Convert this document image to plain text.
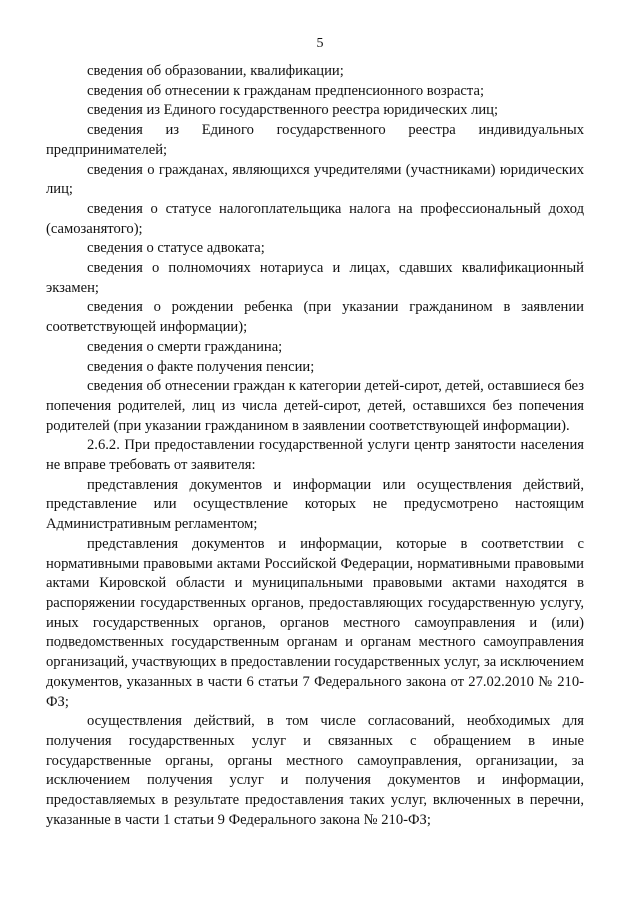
5

сведения об образовании, квалификации;

сведения об отнесении к гражданам предпенсионного возраста;

сведения из Единого государственного реестра юридических лиц;

сведения из Единого государственного реестра индивидуальных предпринимателей;

сведения о гражданах, являющихся учредителями (участниками) юридических лиц;

сведения о статусе налогоплательщика налога на профессиональный доход (самозанятого);

сведения о статусе адвоката;

сведения о полномочиях нотариуса и лицах, сдавших квалификационный экзамен;

сведения о рождении ребенка (при указании гражданином в заявлении соответствующей информации);

сведения о смерти гражданина;

сведения о факте получения пенсии;

сведения об отнесении граждан к категории детей-сирот, детей, оставшиеся без попечения родителей, лиц из числа детей-сирот, детей, оставшихся без попечения родителей (при указании гражданином в заявлении соответствующей информации).

2.6.2. При предоставлении государственной услуги центр занятости населения не вправе требовать от заявителя:

представления документов и информации или осуществления действий, представление или осуществление которых не предусмотрено настоящим Административным регламентом;

представления документов и информации, которые в соответствии с нормативными правовыми актами Российской Федерации, нормативными правовыми актами Кировской области и муниципальными правовыми актами находятся в распоряжении государственных органов, предоставляющих государственную услугу, иных государственных органов, органов местного самоуправления и (или) подведомственных государственным органам и органам местного самоуправления организаций, участвующих в предоставлении государственных услуг, за исключением документов, указанных в части 6 статьи 7 Федерального закона от 27.02.2010 № 210-ФЗ;

осуществления действий, в том числе согласований, необходимых для получения государственных услуг и связанных с обращением в иные государственные органы, органы местного самоуправления, организации, за исключением получения услуг и получения документов и информации, предоставляемых в результате предоставления таких услуг, включенных в перечни, указанные в части 1 статьи 9 Федерального закона № 210-ФЗ;
